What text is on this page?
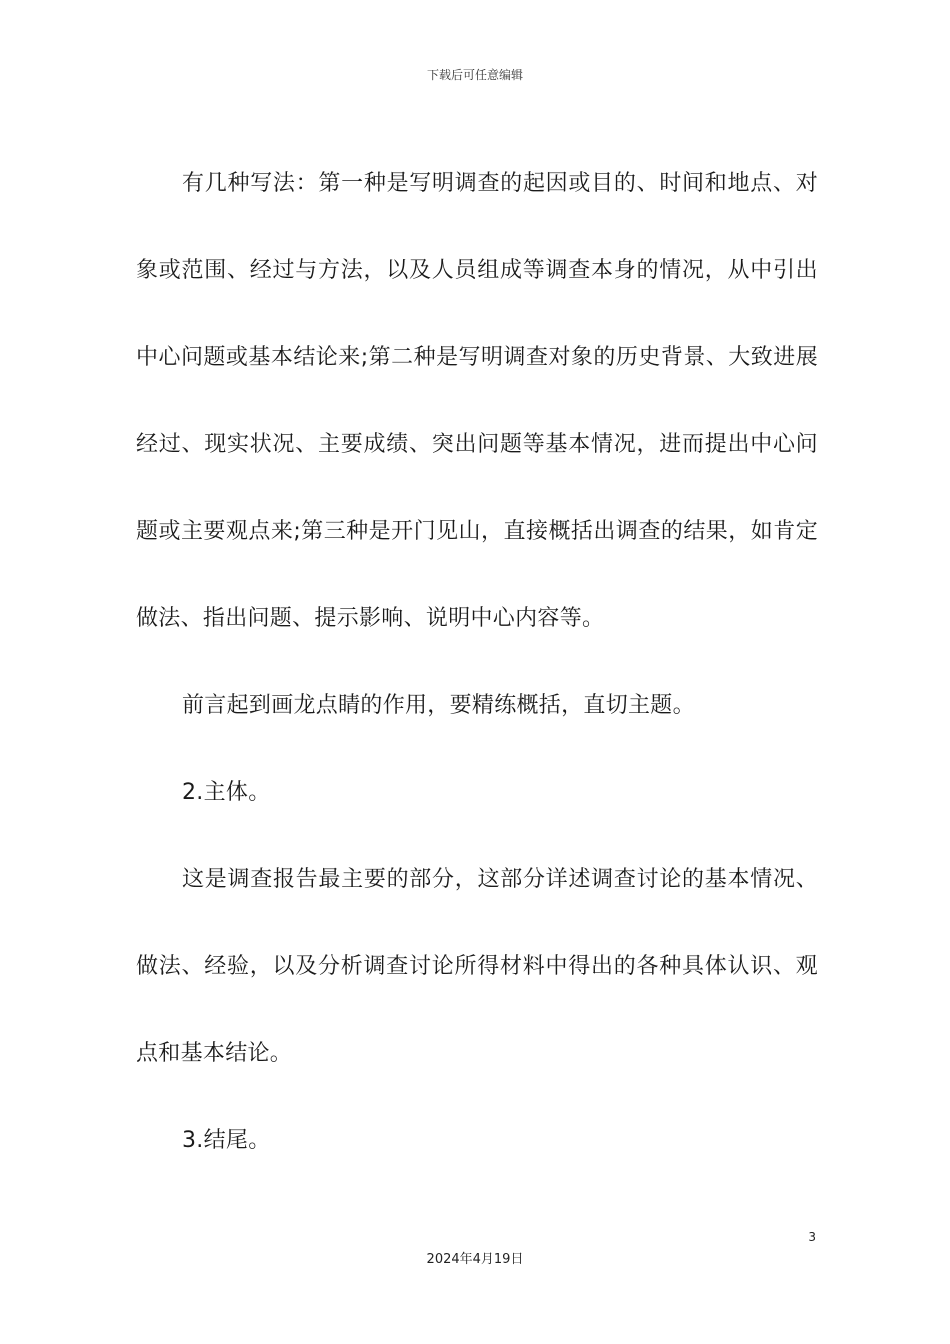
下载后可任意编辑

有几种写法：第一种是写明调查的起因或目的、时间和地点、对象或范围、经过与方法，以及人员组成等调查本身的情况，从中引出中心问题或基本结论来;第二种是写明调查对象的历史背景、大致进展经过、现实状况、主要成绩、突出问题等基本情况，进而提出中心问题或主要观点来;第三种是开门见山，直接概括出调查的结果，如肯定做法、指出问题、提示影响、说明中心内容等。

前言起到画龙点睛的作用，要精练概括，直切主题。

2.主体。

这是调查报告最主要的部分，这部分详述调查讨论的基本情况、做法、经验，以及分析调查讨论所得材料中得出的各种具体认识、观点和基本结论。

3.结尾。

3
2024年4月19日
